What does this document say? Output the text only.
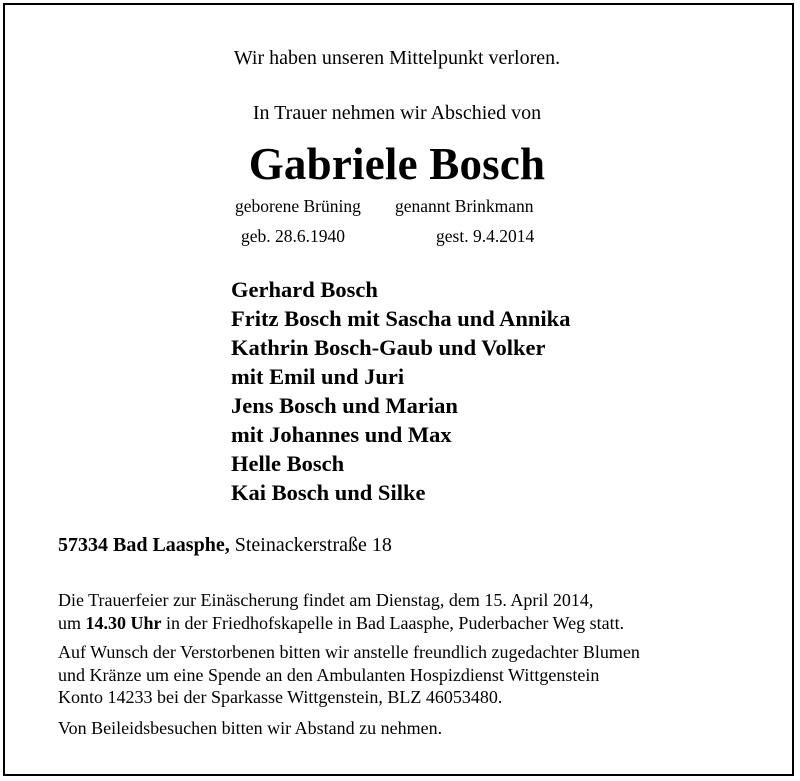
Wir haben unseren Mittelpunkt verloren.

In Trauer nehmen wir Abschied von

Gabriele Bosch

geborene Brüning genannt Brinkmann

geb. 28.6.1940	gest. 9.4.2014

Gerhard Bosch
Fritz Bosch mit Sascha und Annika
Kathrin Bosch-Gaub und Volker
mit Emil und Juri
Jens Bosch und Marian
mit Johannes und Max
Helle Bosch
Kai Bosch und Silke

57334 Bad Laasphe, Steinackerstraße 18

Die Trauerfeier zur Einäscherung findet am Dienstag, dem 15. April 2014,
um 14.30 Uhr in der Friedhofskapelle in Bad Laasphe, Puderbacher Weg statt.
Auf Wunsch der Verstorbenen bitten wir anstelle freundlich zugedachter Blumen
und Kränze um eine Spende an den Ambulanten Hospizdienst Wittgenstein
Konto 14233 bei der Sparkasse Wittgenstein, BLZ 46053480.
Von Beileidsbesuchen bitten wir Abstand zu nehmen.
